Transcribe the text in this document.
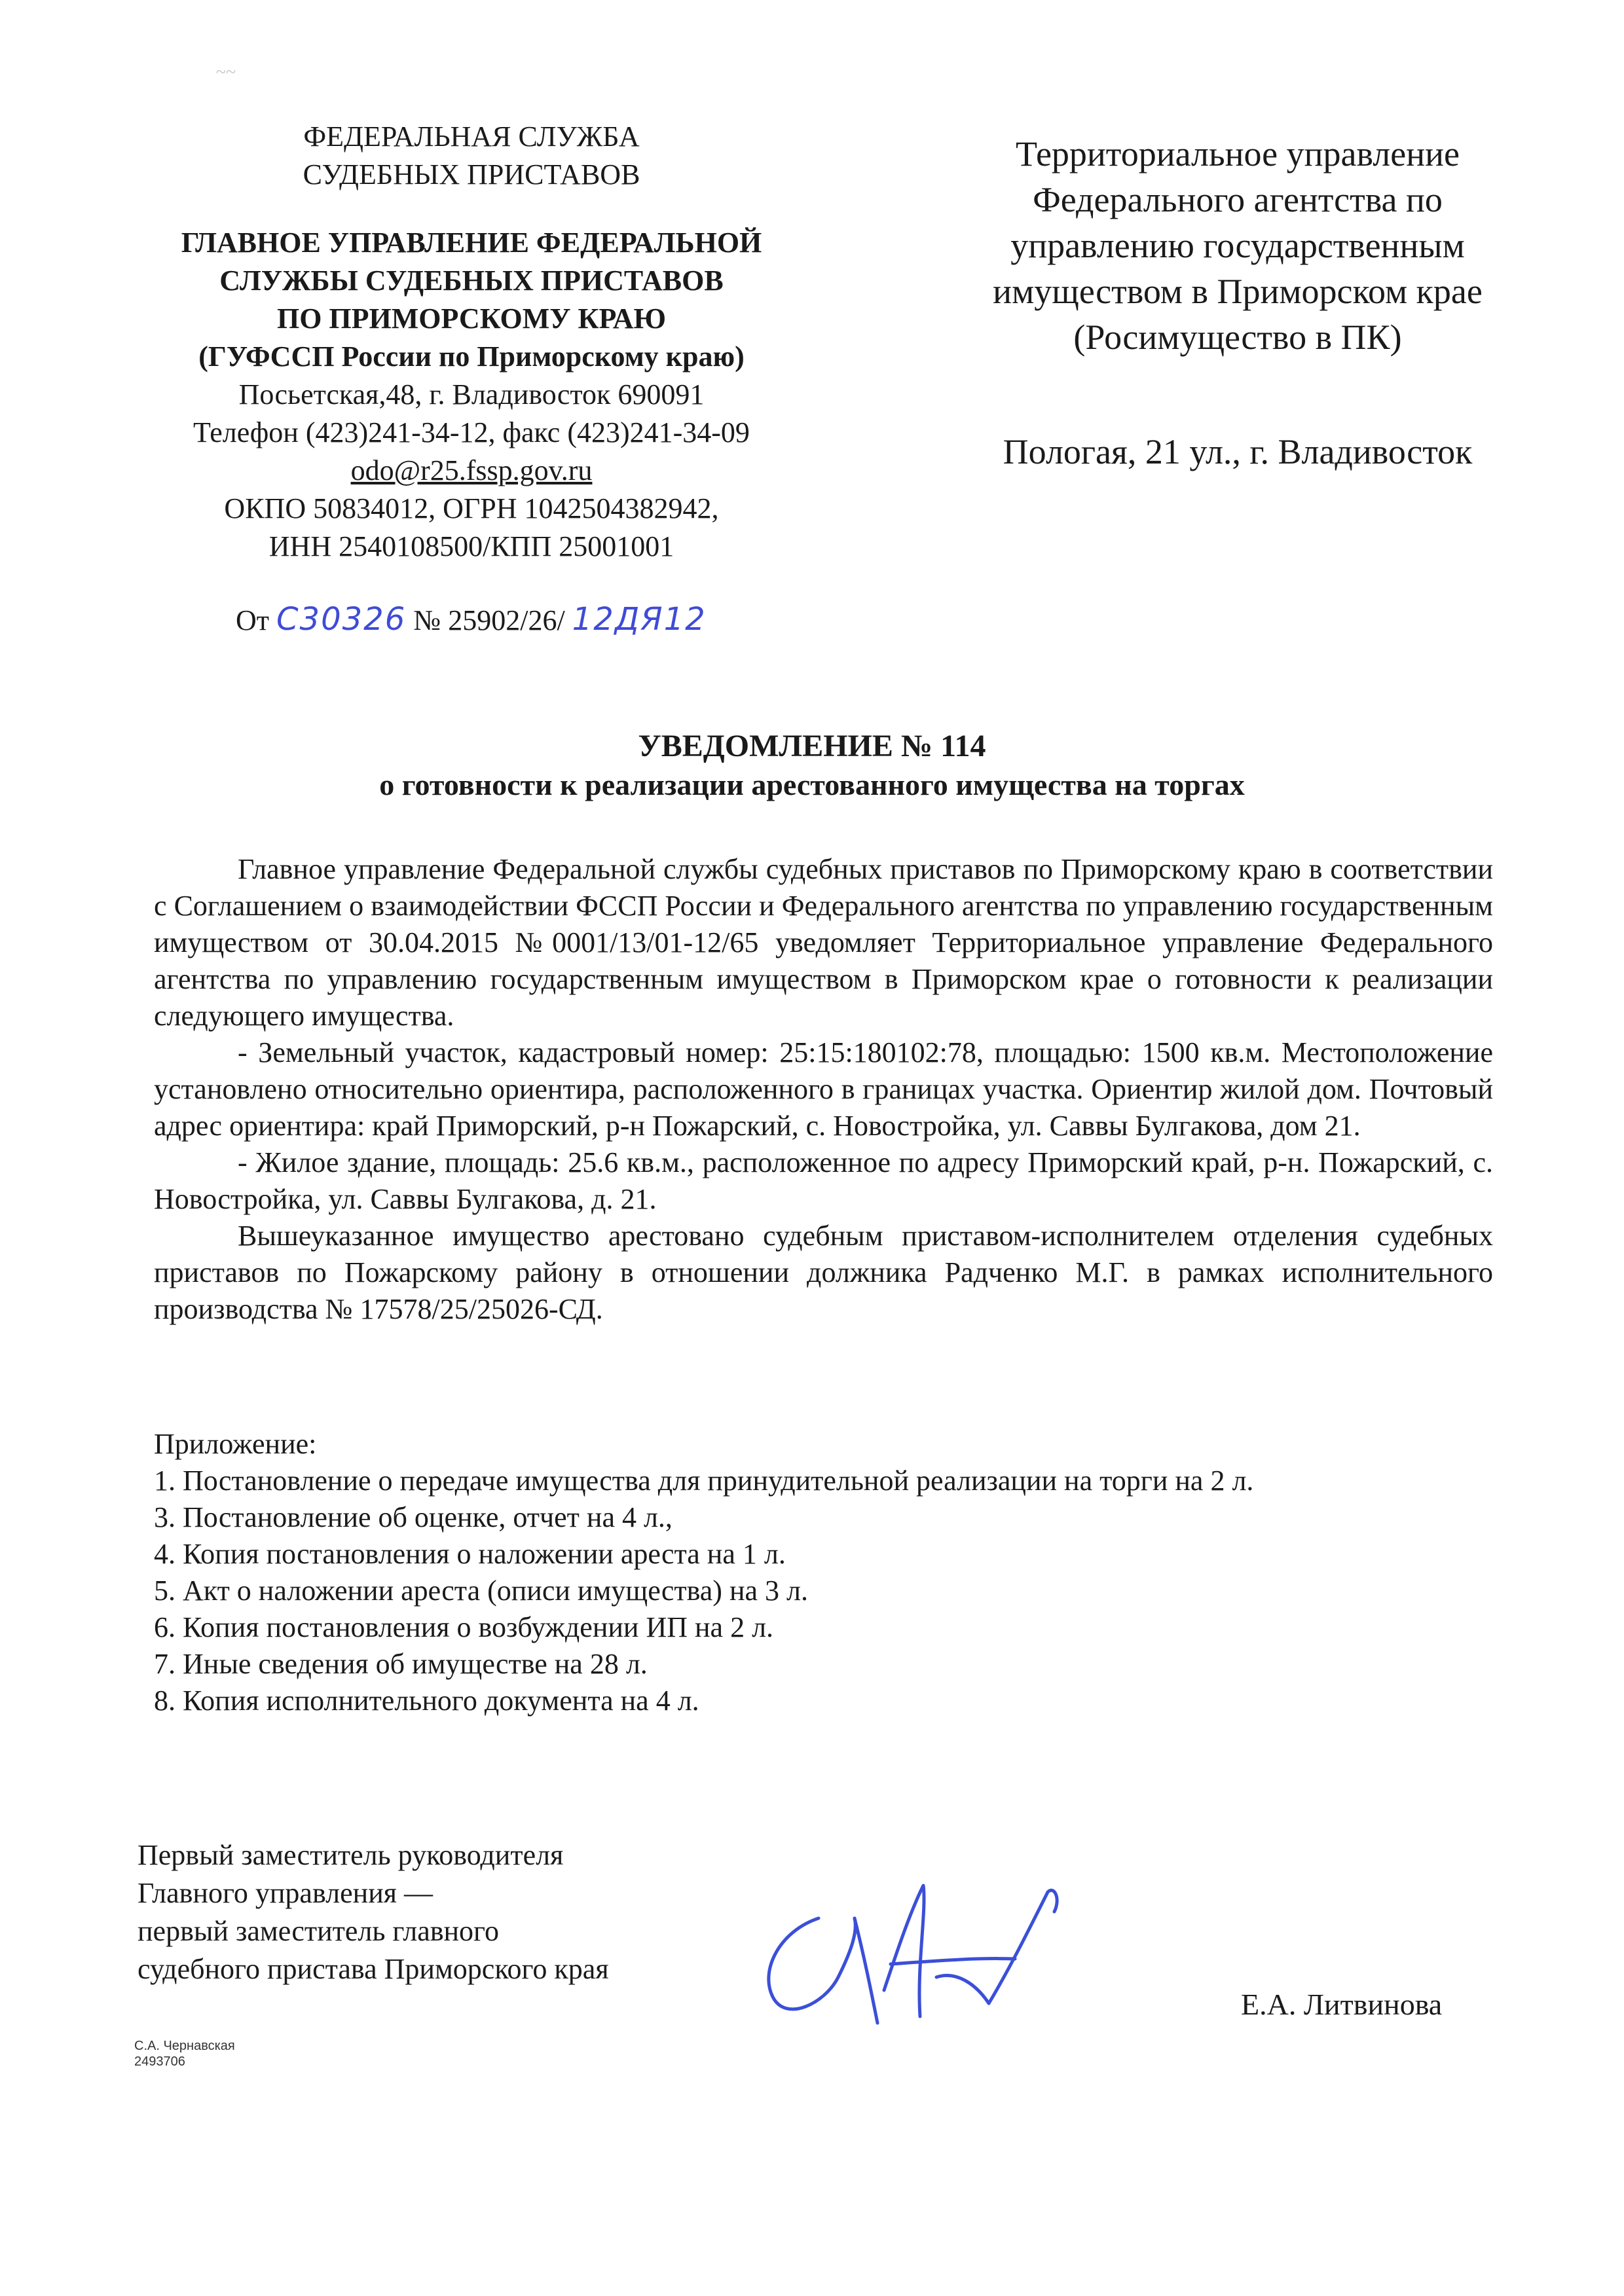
~~
ФЕДЕРАЛЬНАЯ СЛУЖБА
СУДЕБНЫХ ПРИСТАВОВ
ГЛАВНОЕ УПРАВЛЕНИЕ ФЕДЕРАЛЬНОЙ
СЛУЖБЫ СУДЕБНЫХ ПРИСТАВОВ
ПО ПРИМОРСКОМУ КРАЮ
(ГУФССП России по Приморскому краю)
Посьетская,48, г. Владивосток 690091
Телефон (423)241-34-12, факс (423)241-34-09
odo@r25.fssp.gov.ru
ОКПО 50834012, ОГРН 1042504382942,
ИНН 2540108500/КПП 25001001
От С30326 № 25902/26/ 12ДЯ12
Территориальное управление
Федерального агентства по
управлению государственным
имуществом в Приморском крае
(Росимущество в ПК)
Пологая, 21 ул., г. Владивосток
УВЕДОМЛЕНИЕ № 114
о готовности к реализации арестованного имущества на торгах

Главное управление Федеральной службы судебных приставов по Приморскому краю в соответствии с Соглашением о взаимодействии ФССП России и Федерального агентства по управлению государственным имуществом от 30.04.2015 №0001/13/01-12/65 уведомляет Территориальное управление Федерального агентства по управлению государственным имуществом в Приморском крае о готовности к реализации следующего имущества.

- Земельный участок, кадастровый номер: 25:15:180102:78, площадью: 1500 кв.м. Местоположение установлено относительно ориентира, расположенного в границах участка. Ориентир жилой дом. Почтовый адрес ориентира: край Приморский, р-н Пожарский, с. Новостройка, ул. Саввы Булгакова, дом 21.

- Жилое здание, площадь: 25.6 кв.м., расположенное по адресу Приморский край, р-н. Пожарский, с. Новостройка, ул. Саввы Булгакова, д. 21.

Вышеуказанное имущество арестовано судебным приставом-исполнителем отделения судебных приставов по Пожарскому району в отношении должника Радченко М.Г. в рамках исполнительного производства № 17578/25/25026-СД.

Приложение:
1. Постановление о передаче имущества для принудительной реализации на торги на 2 л.
3. Постановление об оценке, отчет на 4 л.,
4. Копия постановления о наложении ареста на 1 л.
5. Акт о наложении ареста (описи имущества) на 3 л.
6. Копия постановления о возбуждении ИП на 2 л.
7. Иные сведения об имуществе на 28 л.
8. Копия исполнительного документа на 4 л.
Первый заместитель руководителя
Главного управления —
первый заместитель главного
судебного пристава Приморского края
Е.А. Литвинова
С.А. Чернавская
2493706
